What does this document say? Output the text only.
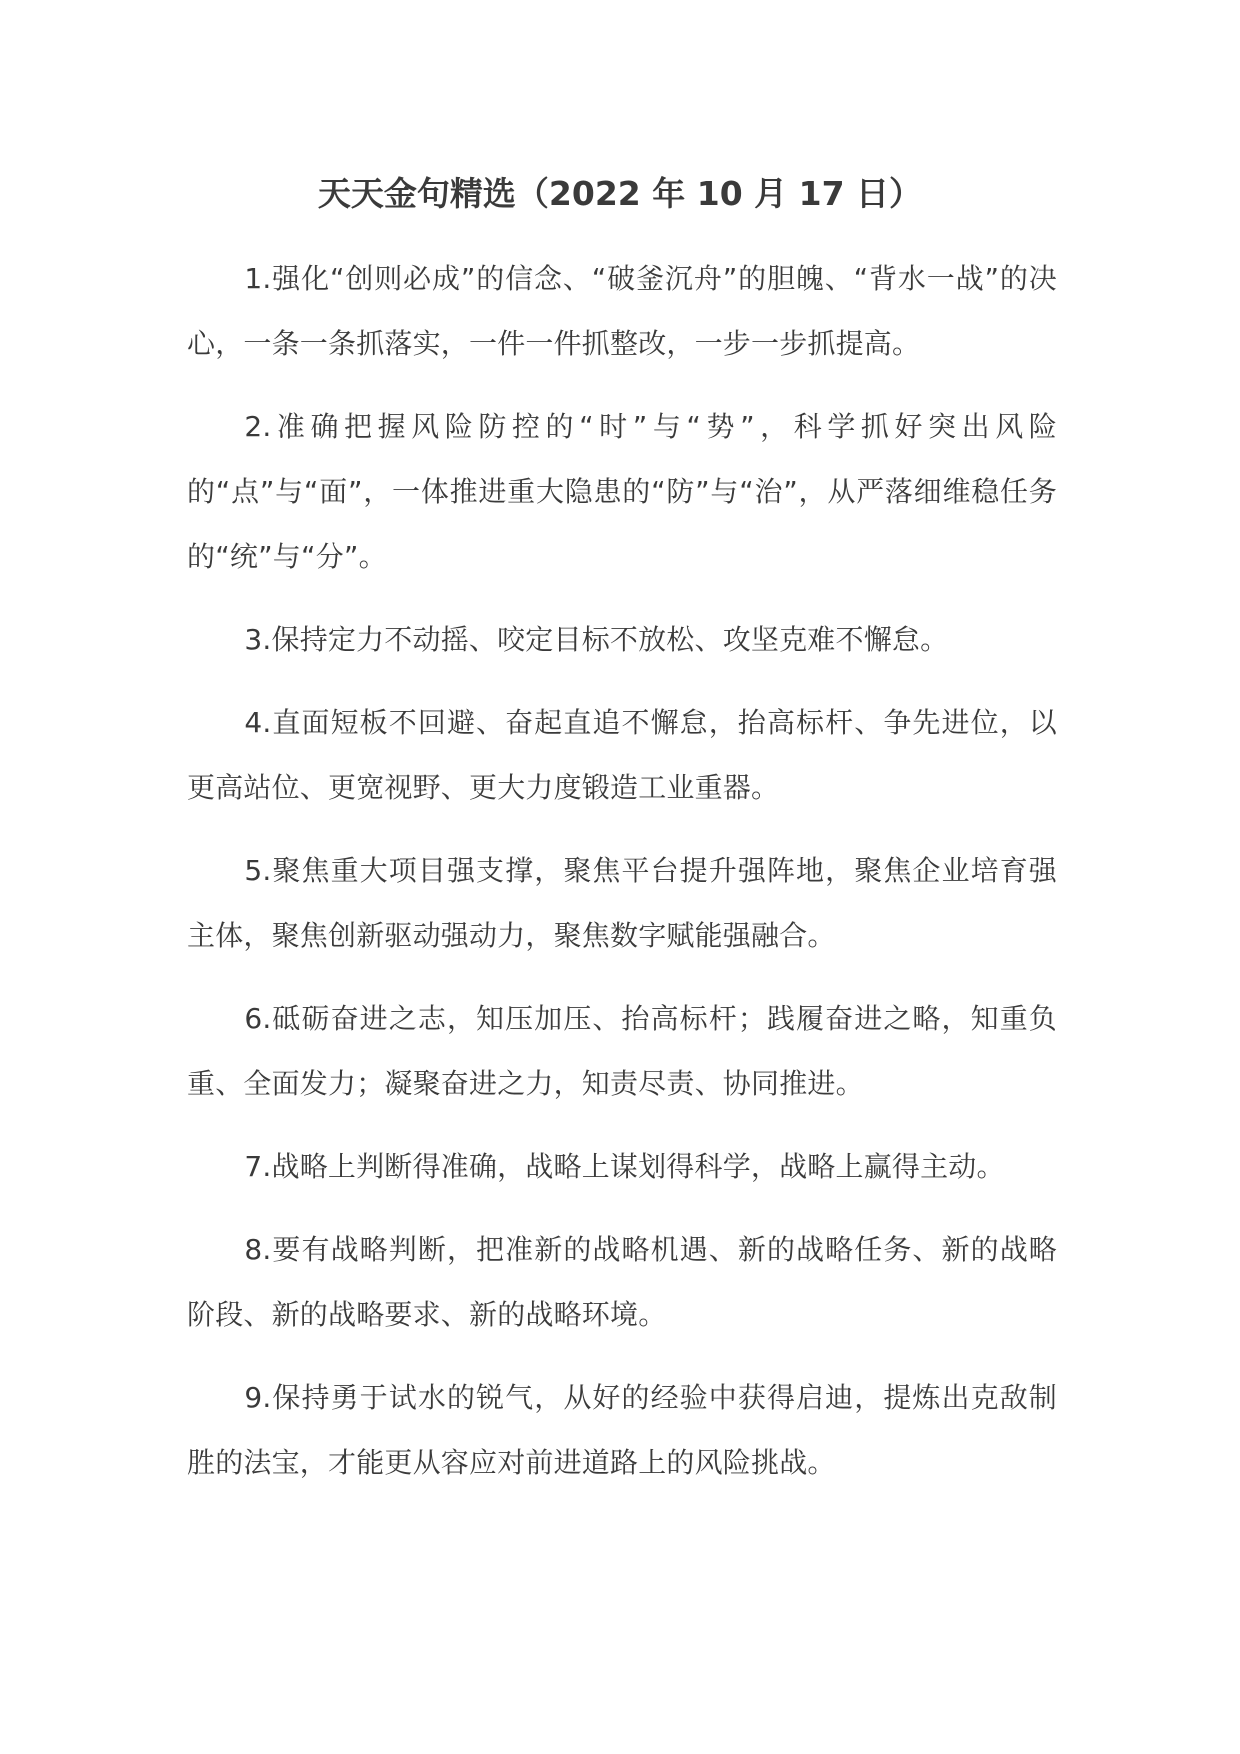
天天金句精选（2022 年 10 月 17 日）

1.强化“创则必成”的信念、“破釜沉舟”的胆魄、“背水一战”的决心，一条一条抓落实，一件一件抓整改，一步一步抓提高。

2.准确把握风险防控的“时”与“势”，科学抓好突出风险的“点”与“面”，一体推进重大隐患的“防”与“治”，从严落细维稳任务的“统”与“分”。

3.保持定力不动摇、咬定目标不放松、攻坚克难不懈怠。

4.直面短板不回避、奋起直追不懈怠，抬高标杆、争先进位，以更高站位、更宽视野、更大力度锻造工业重器。

5.聚焦重大项目强支撑，聚焦平台提升强阵地，聚焦企业培育强主体，聚焦创新驱动强动力，聚焦数字赋能强融合。

6.砥砺奋进之志，知压加压、抬高标杆；践履奋进之略，知重负重、全面发力；凝聚奋进之力，知责尽责、协同推进。

7.战略上判断得准确，战略上谋划得科学，战略上赢得主动。

8.要有战略判断，把准新的战略机遇、新的战略任务、新的战略阶段、新的战略要求、新的战略环境。

9.保持勇于试水的锐气，从好的经验中获得启迪，提炼出克敌制胜的法宝，才能更从容应对前进道路上的风险挑战。
